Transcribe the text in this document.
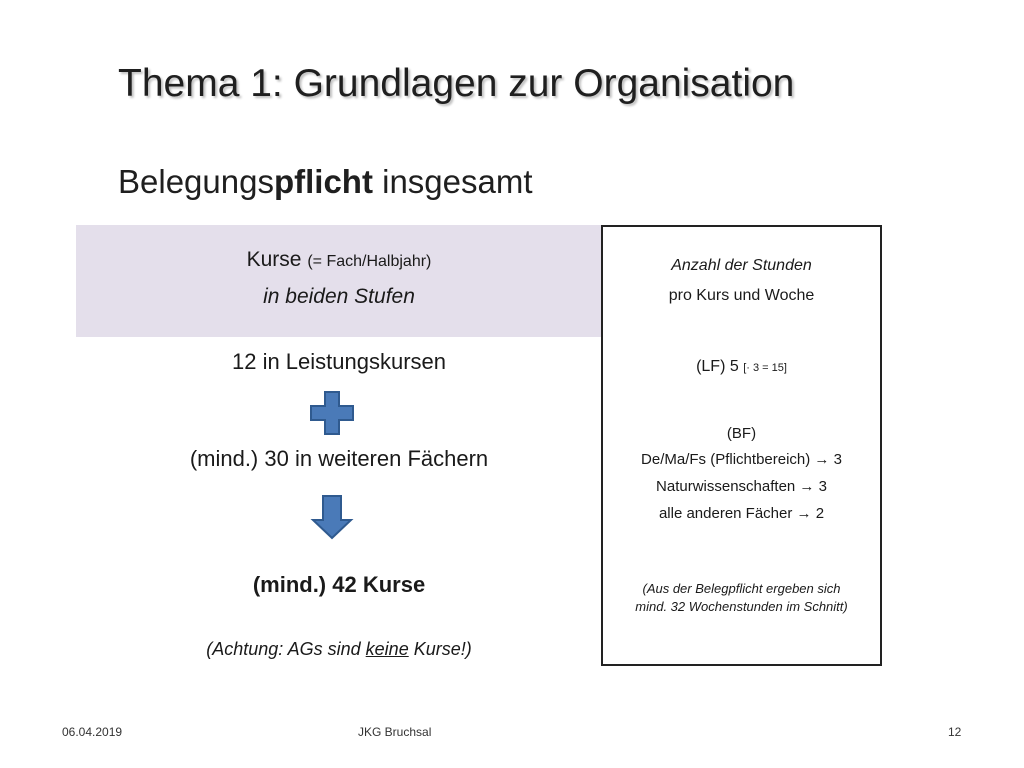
Thema 1: Grundlagen zur Organisation
Belegungspflicht insgesamt
Kurse (= Fach/Halbjahr)
in beiden Stufen
12 in Leistungskursen
(mind.) 30 in weiteren Fächern
(mind.) 42 Kurse
(Achtung: AGs sind keine Kurse!)
Anzahl der Stunden
pro Kurs und Woche
(LF) 5 [· 3 = 15]
(BF)
De/Ma/Fs (Pflichtbereich) → 3
Naturwissenschaften → 3
alle anderen Fächer → 2
(Aus der Belegpflicht ergeben sich
mind. 32 Wochenstunden im Schnitt)
06.04.2019	JKG Bruchsal	12
